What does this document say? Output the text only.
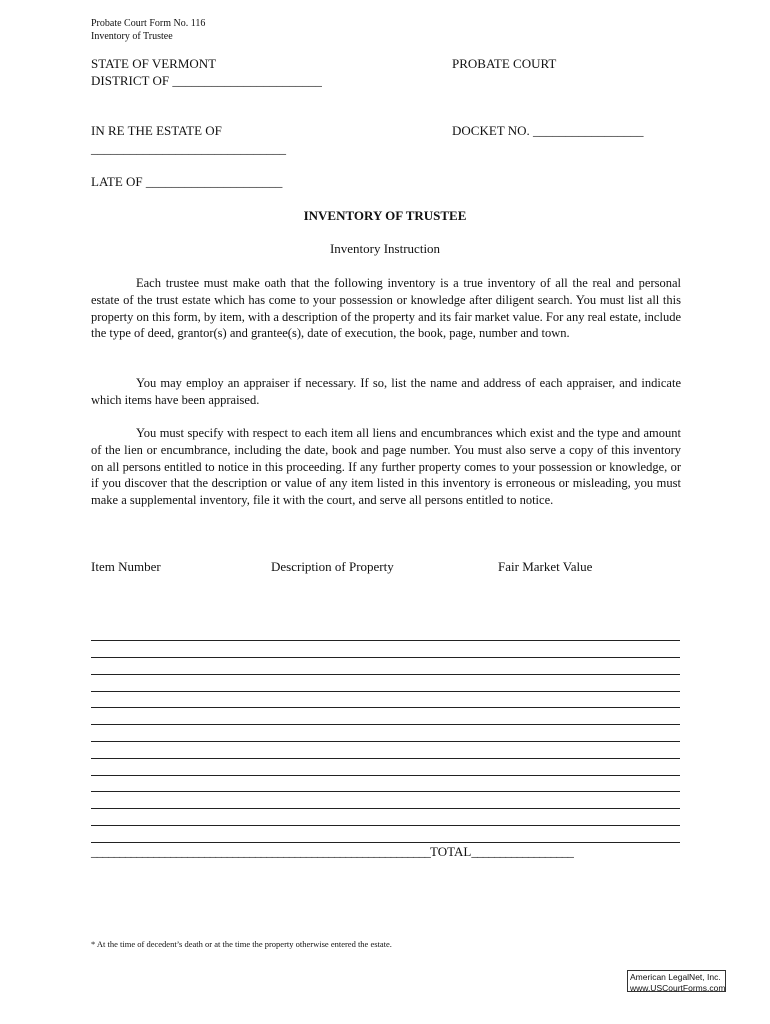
Probate Court Form No. 116
Inventory of Trustee
STATE OF VERMONT
DISTRICT OF _______________________
PROBATE COURT
IN RE THE ESTATE OF	DOCKET NO. _________________
______________________________
LATE OF _____________________
INVENTORY OF TRUSTEE
Inventory Instruction

Each trustee must make oath that the following inventory is a true inventory of all the real and personal estate of the trust estate which has come to your possession or knowledge after diligent search. You must list all this property on this form, by item, with a description of the property and its fair market value. For any real estate, include the type of deed, grantor(s) and grantee(s), date of execution, the book, page, number and town.

You may employ an appraiser if necessary. If so, list the name and address of each appraiser, and indicate which items have been appraised.

You must specify with respect to each item all liens and encumbrances which exist and the type and amount of the lien or encumbrance, including the date, book and page number. You must also serve a copy of this inventory on all persons entitled to notice in this proceeding. If any further property comes to your possession or knowledge, or if you discover that the description or value of any item listed in this inventory is erroneous or misleading, you must make a supplemental inventory, file it with the court, and serve all persons entitled to notice.

Item Number	Description of Property	Fair Market Value
____________________________________________________________TOTAL__________________
* At the time of decedent’s death or at the time the property otherwise entered the estate.
American LegalNet, Inc.
www.USCourtForms.com
